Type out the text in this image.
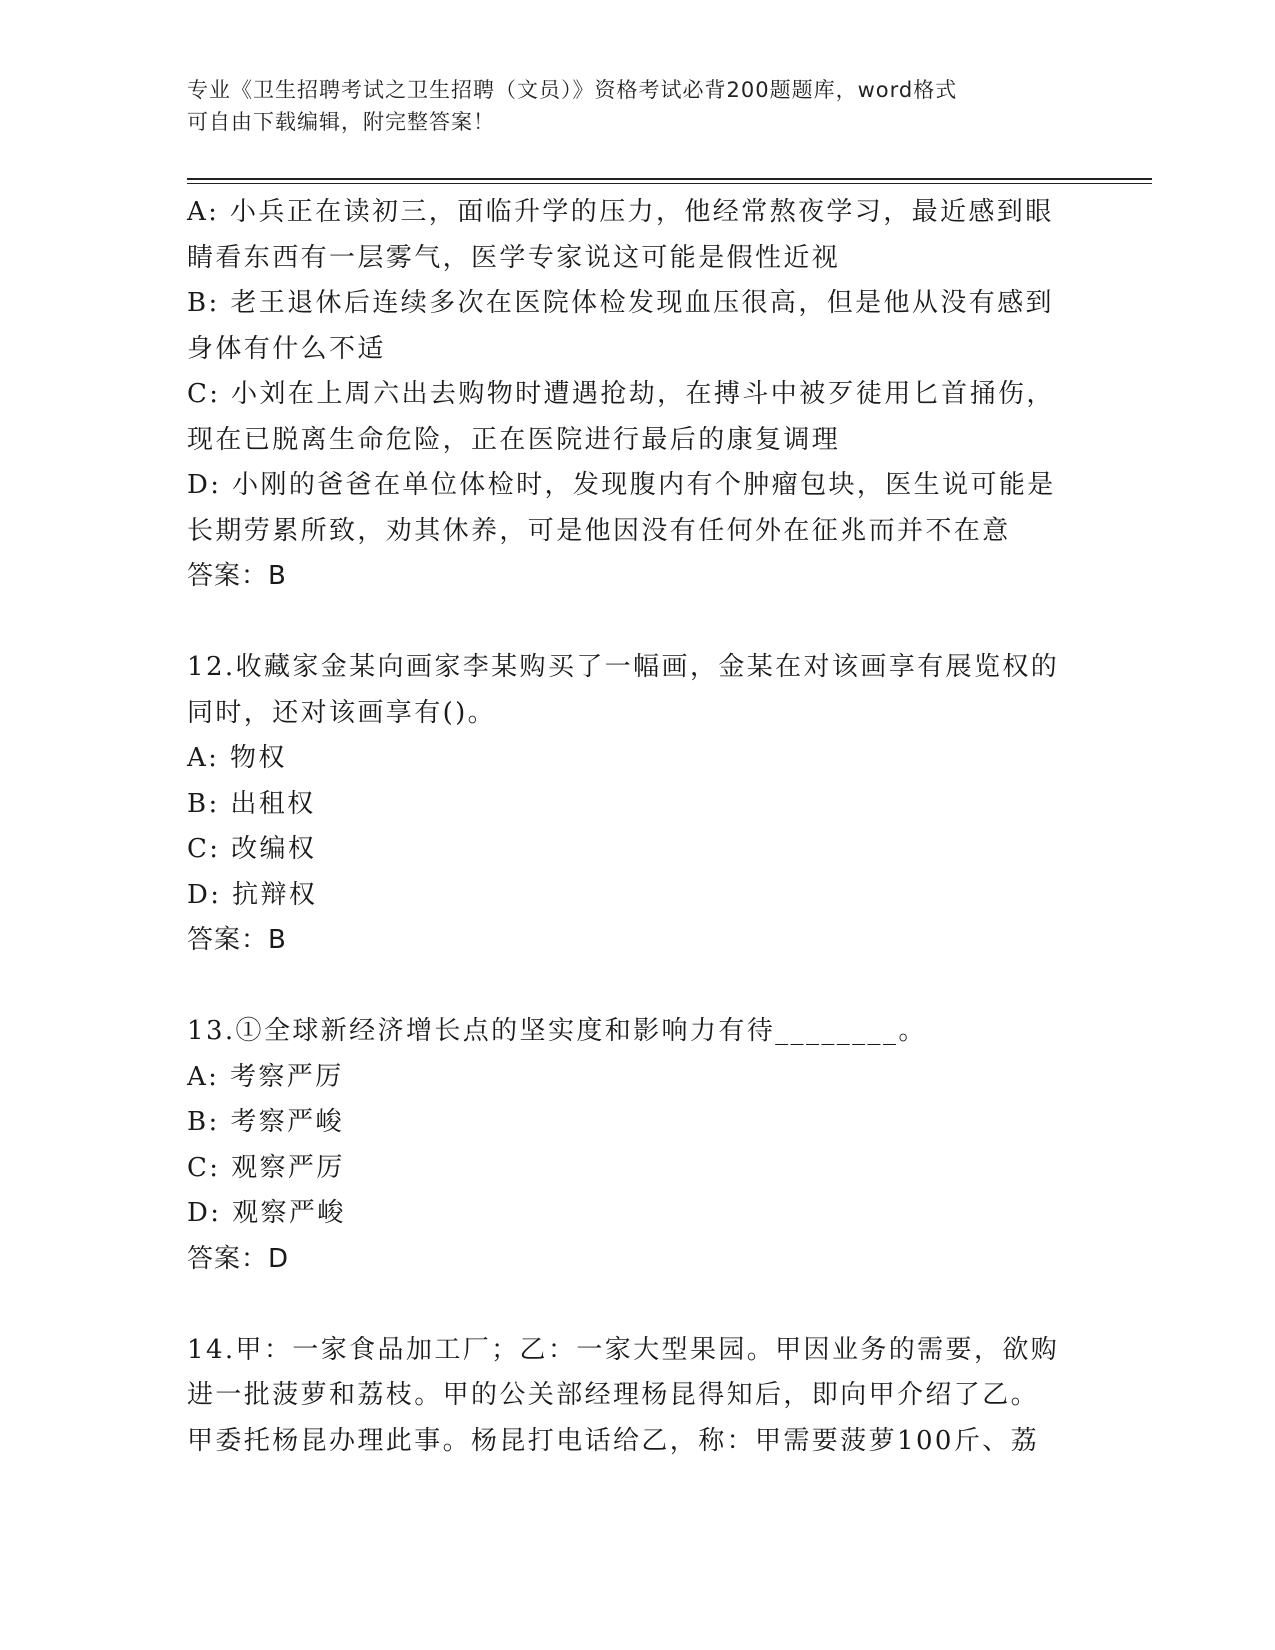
专业《卫生招聘考试之卫生招聘（文员）》资格考试必背200题题库，word格式
可自由下载编辑，附完整答案！
A: 小兵正在读初三，面临升学的压力，他经常熬夜学习，最近感到眼
睛看东西有一层雾气，医学专家说这可能是假性近视
B: 老王退休后连续多次在医院体检发现血压很高，但是他从没有感到
身体有什么不适
C: 小刘在上周六出去购物时遭遇抢劫，在搏斗中被歹徒用匕首捅伤，
现在已脱离生命危险，正在医院进行最后的康复调理
D: 小刚的爸爸在单位体检时，发现腹内有个肿瘤包块，医生说可能是
长期劳累所致，劝其休养，可是他因没有任何外在征兆而并不在意
答案：B
12.收藏家金某向画家李某购买了一幅画，金某在对该画享有展览权的
同时，还对该画享有()。
A: 物权
B: 出租权
C: 改编权
D: 抗辩权
答案：B
13.①全球新经济增长点的坚实度和影响力有待________。
A: 考察严厉
B: 考察严峻
C: 观察严厉
D: 观察严峻
答案：D
14.甲：一家食品加工厂；乙：一家大型果园。甲因业务的需要，欲购
进一批菠萝和荔枝。甲的公关部经理杨昆得知后，即向甲介绍了乙。
甲委托杨昆办理此事。杨昆打电话给乙，称：甲需要菠萝100斤、荔
